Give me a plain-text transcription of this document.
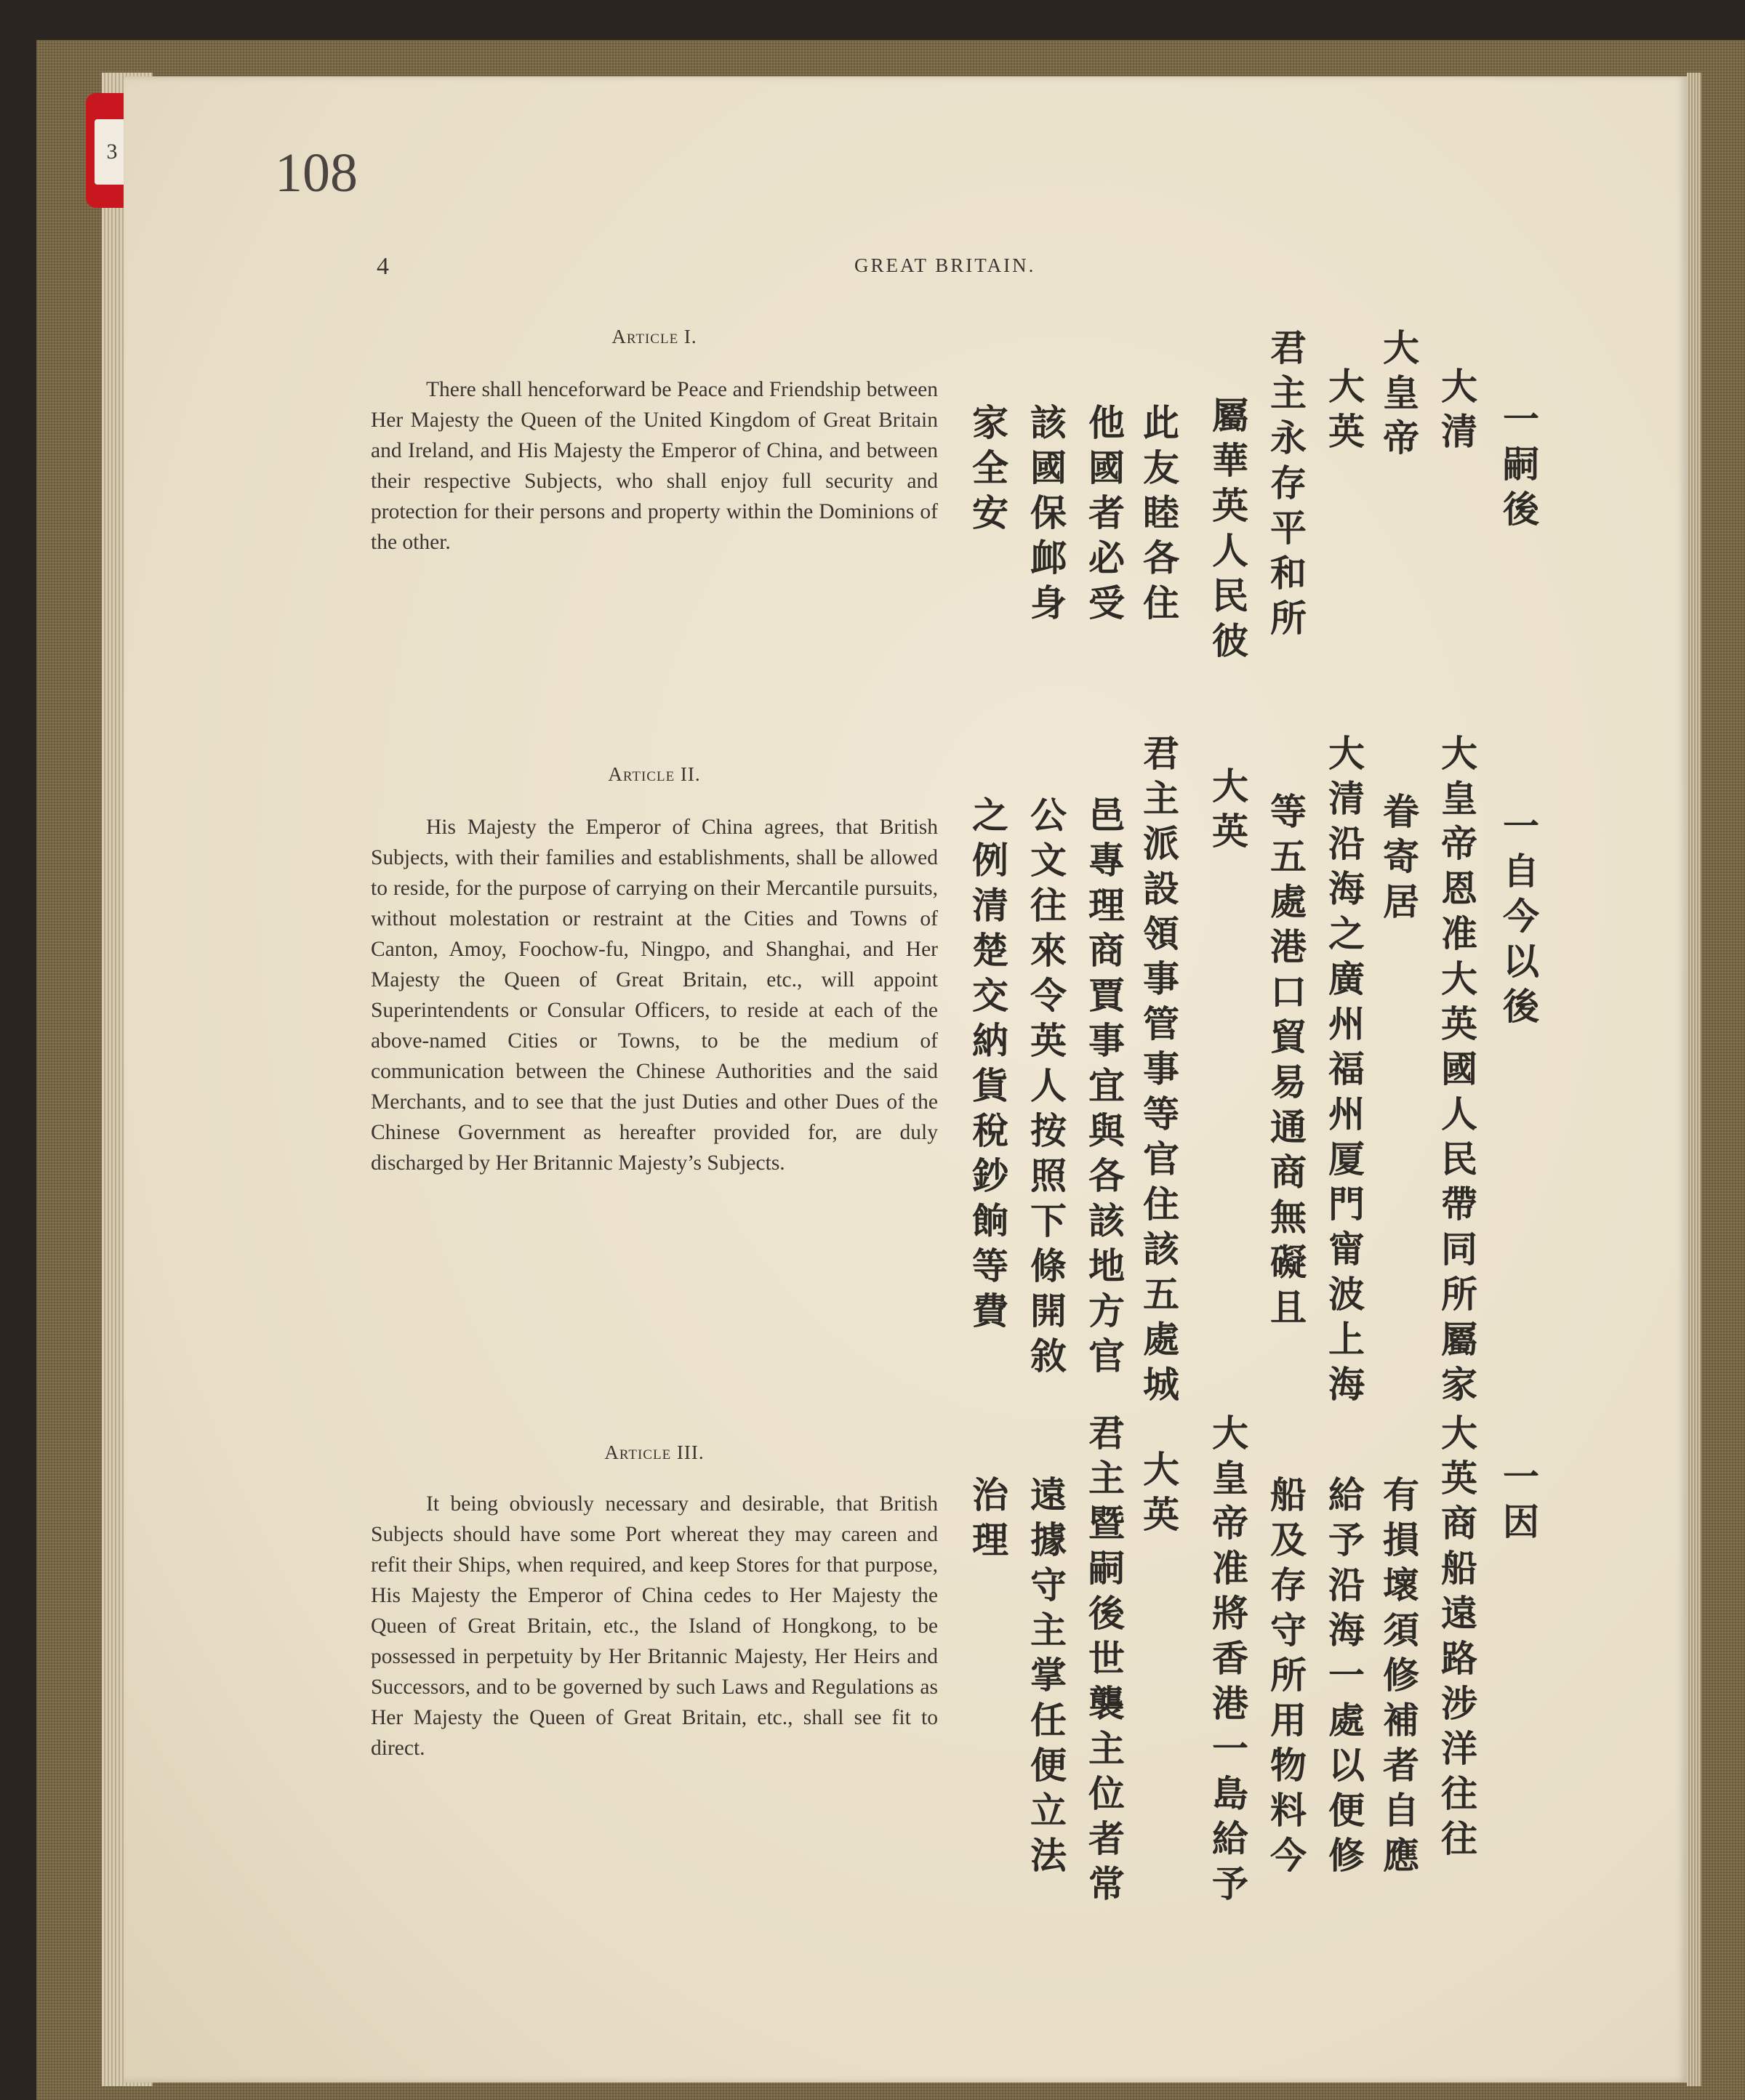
3	108
4	GREAT BRITAIN.
Article I.
There shall henceforward be Peace and Friendship between Her Majesty the Queen of the United Kingdom of Great Britain and Ireland, and His Majesty the Emperor of China, and between their respective Subjects, who shall enjoy full security and protection for their persons and property within the Dominions of the other.
一嗣後
大清
大皇帝
大英
君主永存平和所
屬華英人民彼
此友睦各住
他國者必受
該國保䘏身
家全安
Article II.
His Majesty the Emperor of China agrees, that British Subjects, with their families and establishments, shall be allowed to reside, for the purpose of carrying on their Mercantile pursuits, without molestation or restraint at the Cities and Towns of Canton, Amoy, Foochow-fu, Ningpo, and Shanghai, and Her Majesty the Queen of Great Britain, etc., will appoint Superintendents or Consular Officers, to reside at each of the above-named Cities or Towns, to be the medium of communication between the Chinese Authorities and the said Merchants, and to see that the just Duties and other Dues of the Chinese Government as hereafter provided for, are duly discharged by Her Britannic Majesty’s Subjects.
一自今以後
大皇帝恩准大英國人民帶同所屬家
眷寄居
大清沿海之廣州福州厦門甯波上海
等五處港口貿易通商無礙且
大英
君主派設領事管事等官住該五處城
邑專理商賈事宜與各該地方官
公文往來令英人按照下條開敘
之例清楚交納貨稅鈔餉等費
Article III.
It being obviously necessary and desirable, that British Subjects should have some Port whereat they may careen and refit their Ships, when required, and keep Stores for that purpose, His Majesty the Emperor of China cedes to Her Majesty the Queen of Great Britain, etc., the Island of Hongkong, to be possessed in perpetuity by Her Britannic Majesty, Her Heirs and Successors, and to be governed by such Laws and Regulations as Her Majesty the Queen of Great Britain, etc., shall see fit to direct.
一因
大英商船遠路涉洋往往
有損壞須修補者自應
給予沿海一處以便修
船及存守所用物料今
大皇帝准將香港一島給予
大英
君主暨嗣後世襲主位者常
遠據守主掌任便立法
治理
